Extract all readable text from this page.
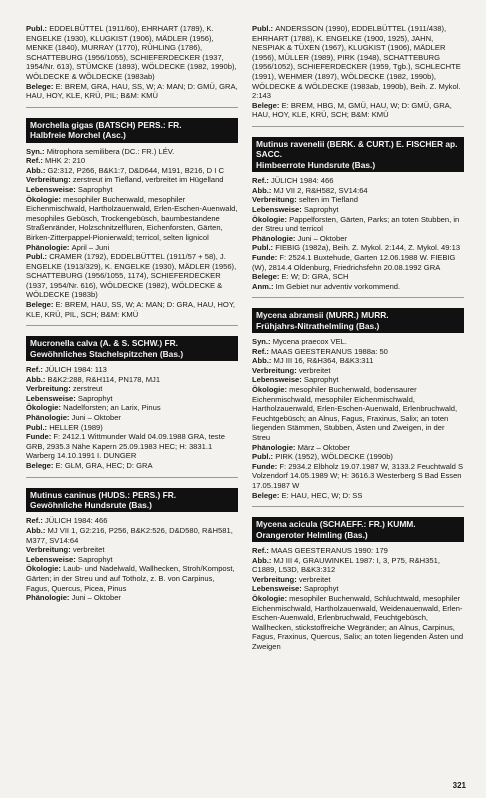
Publ.: EDDELBÜTTEL (1911/60), EHRHART (1789), K. ENGELKE (1930), KLUGKIST (1906), MÄDLER (1956), MENKE (1840), MURRAY (1770), RÜHLING (1786), SCHATTEBURG (1956/1055), SCHIEFERDECKER (1937, 1954/Nr. 613), STÜMCKE (1893), WÖLDECKE (1982, 1990b), WÖLDECKE & WÖLDECKE (1983ab)

Belege: E: BREM, GRA, HAU, SS, W; A: MAN; D: GMÜ, GRA, HAU, HOY, KLE, KRÜ, PIL; B&M: KMÜ

Morchella gigas (BATSCH) PERS.: FR.
Halbfreie Morchel (Asc.)

Syn.: Mitrophora semilibera (DC.: FR.) LÉV.

Ref.: MHK 2: 210

Abb.: G2:312, P266, B&K1:7, D&D644, M191, B216, D I C

Verbreitung: zerstreut im Tiefland, verbreitet im Hügelland

Lebensweise: Saprophyt

Ökologie: mesophiler Buchenwald, mesophiler Eichenmischwald, Hartholzauenwald, Erlen-Eschen-Auenwald, mesophiles Gebüsch, Trockengebüsch, baumbestandene Straßenränder, Holzschnitzelfluren, Eichenforsten, Gärten, Birken-Zitterpappel-Pionierwald; terricol, selten lignicol

Phänologie: April – Juni

Publ.: CRAMER (1792), EDDELBÜTTEL (1911/57 + 58), J. ENGELKE (1913/329), K. ENGELKE (1930), MÄDLER (1956), SCHATTEBURG (1956/1055, 1174), SCHIEFERDECKER (1937, 1954/Nr. 616), WÖLDECKE (1982), WÖLDECKE & WÖLDECKE (1983b)

Belege: E: BREM, HAU, SS, W; A: MAN; D: GRA, HAU, HOY, KLE, KRÜ, PIL, SCH; B&M: KMÜ

Mucronella calva (A. & S. SCHW.) FR.
Gewöhnliches Stachelspitzchen (Bas.)

Ref.: JÜLICH 1984: 113

Abb.: B&K2:288, R&H114, PN178, MJ1

Verbreitung: zerstreut

Lebensweise: Saprophyt

Ökologie: Nadelforsten; an Larix, Pinus

Phänologie: Juni – Oktober

Publ.: HELLER (1989)

Funde: F: 2412.1 Wittmunder Wald 04.09.1988 GRA, teste GRB, 2935.3 Nähe Kapern 25.09.1983 HEC; H: 3831.1 Warberg 14.10.1991 I. DUNGER

Belege: E: GLM, GRA, HEC; D: GRA

Mutinus caninus (HUDS.: PERS.) FR.
Gewöhnliche Hundsrute (Bas.)

Ref.: JÜLICH 1984: 466

Abb.: MJ VII 1, G2:216, P256, B&K2:526, D&D580, R&H581, M377, SV14:64

Verbreitung: verbreitet

Lebensweise: Saprophyt

Ökologie: Laub- und Nadelwald, Wallhecken, Stroh/Kompost, Gärten; in der Streu und auf Totholz, z. B. von Carpinus, Fagus, Quercus, Picea, Pinus

Phänologie: Juni – Oktober

Publ.: ANDERSSON (1990), EDDELBÜTTEL (1911/438), EHRHART (1788), K. ENGELKE (1900, 1925), JAHN, NESPIAK & TÜXEN (1967), KLUGKIST (1906), MÄDLER (1956), MÜLLER (1989), PIRK (1948), SCHATTEBURG (1956/1052), SCHIEFERDECKER (1959, Tgb.), SCHLECHTE (1991), WEHMER (1897), WÖLDECKE (1982, 1990b), WÖLDECKE & WÖLDECKE (1983ab, 1990b), Beih. Z. Mykol. 2:143

Belege: E: BREM, HBG, M, GMÜ, HAU, W; D: GMÜ, GRA, HAU, HOY, KLE, KRÜ, SCH; B&M: KMÜ

Mutinus ravenelii (BERK. & CURT.) E. FISCHER ap. SACC.
Himbeerrote Hundsrute (Bas.)

Ref.: JÜLICH 1984: 466

Abb.: MJ VII 2, R&H582, SV14:64

Verbreitung: selten im Tiefland

Lebensweise: Saprophyt

Ökologie: Pappelforsten, Gärten, Parks; an toten Stubben, in der Streu und terricol

Phänologie: Juni – Oktober

Publ.: FIEBIG (1982a), Beih. Z. Mykol. 2:144, Z. Mykol. 49:13

Funde: F: 2524.1 Buxtehude, Garten 12.06.1988 W. FIEBIG (W), 2814.4 Oldenburg, Friedrichsfehn 20.08.1992 GRA

Belege: E: W; D: GRA, SCH

Anm.: Im Gebiet nur adventiv vorkommend.

Mycena abramsii (MURR.) MURR.
Frühjahrs-Nitrathelmling (Bas.)

Syn.: Mycena praecox VEL.

Ref.: MAAS GEESTERANUS 1988a: 50

Abb.: MJ III 16, R&H364, B&K3:311

Verbreitung: verbreitet

Lebensweise: Saprophyt

Ökologie: mesophiler Buchenwald, bodensaurer Eichenmischwald, mesophiler Eichenmischwald, Hartholzauenwald, Erlen-Eschen-Auenwald, Erlenbruchwald, Feuchtgebüsch; an Alnus, Fagus, Fraxinus, Salix; an toten liegenden Stämmen, Stubben, Ästen und Zweigen, in der Streu

Phänologie: März – Oktober

Publ.: PIRK (1952), WÖLDECKE (1990b)

Funde: F: 2934.2 Elbholz 19.07.1987 W, 3133.2 Feuchtwald S Volzendorf 14.05.1989 W; H: 3616.3 Westerberg S Bad Essen 17.05.1987 W

Belege: E: HAU, HEC, W; D: SS

Mycena acicula (SCHAEFF.: FR.) KUMM.
Orangeroter Helmling (Bas.)

Ref.: MAAS GEESTERANUS 1990: 179

Abb.: MJ III 4, GRAUWINKEL 1987: I, 3, P75, R&H351, C1889, L53D, B&K3:312

Verbreitung: verbreitet

Lebensweise: Saprophyt

Ökologie: mesophiler Buchenwald, Schluchtwald, mesophiler Eichenmischwald, Hartholzauenwald, Weidenauenwald, Erlen-Eschen-Auenwald, Erlenbruchwald, Feuchtgebüsch, Wallhecken, stickstoffreiche Wegränder; an Alnus, Carpinus, Fagus, Fraxinus, Quercus, Salix; an toten liegenden Ästen und Zweigen

321
